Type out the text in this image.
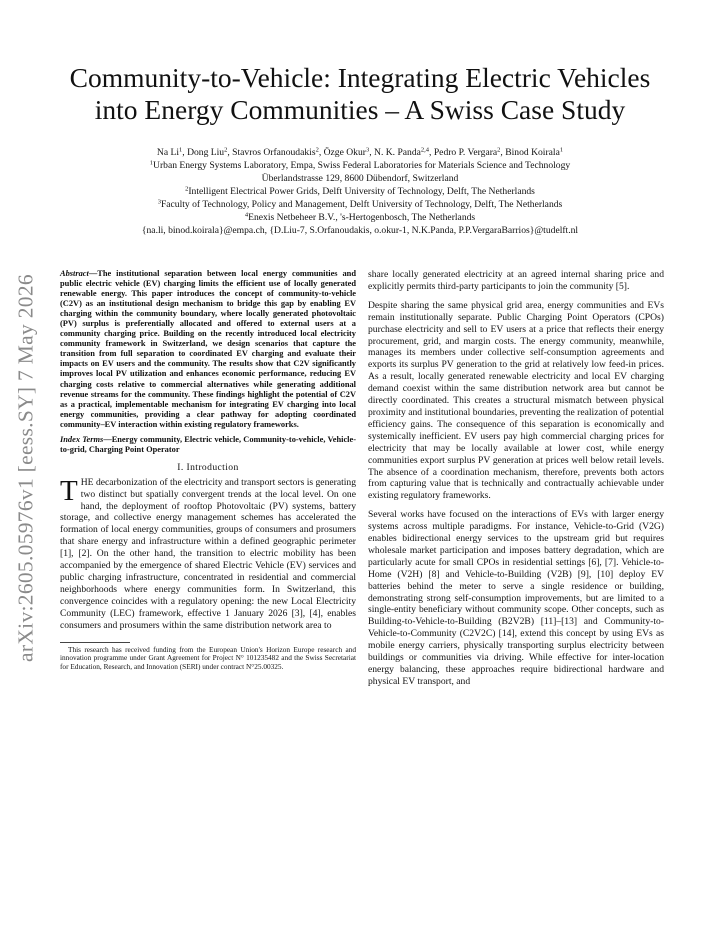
arXiv:2605.05976v1 [eess.SY] 7 May 2026
Community-to-Vehicle: Integrating Electric Vehicles
into Energy Communities – A Swiss Case Study
Na Li$^1$, Dong Liu$^2$, Stavros Orfanoudakis$^2$, Özge Okur$^3$, N. K. Panda$^{2,4}$, Pedro P. Vergara$^2$, Binod Koirala$^1$
$^1$Urban Energy Systems Laboratory, Empa, Swiss Federal Laboratories for Materials Science and Technology
Überlandstrasse 129, 8600 Dübendorf, Switzerland
$^2$Intelligent Electrical Power Grids, Delft University of Technology, Delft, The Netherlands
$^3$Faculty of Technology, Policy and Management, Delft University of Technology, Delft, The Netherlands
$^4$Enexis Netbeheer B.V., 's-Hertogenbosch, The Netherlands
{na.li, binod.koirala}@empa.ch, {D.Liu-7, S.Orfanoudakis, o.okur-1, N.K.Panda, P.P.VergaraBarrios}@tudelft.nl
Abstract—The institutional separation between local energy communities and public electric vehicle (EV) charging limits the efficient use of locally generated renewable energy. This paper introduces the concept of community-to-vehicle (C2V) as an institutional design mechanism to bridge this gap by enabling EV charging within the community boundary, where locally generated photovoltaic (PV) surplus is preferentially allocated and offered to external users at a community charging price. Building on the recently introduced local electricity community framework in Switzerland, we design scenarios that capture the transition from full separation to coordinated EV charging and evaluate their impacts on EV users and the community. The results show that C2V significantly improves local PV utilization and enhances economic performance, reducing EV charging costs relative to commercial alternatives while generating additional revenue streams for the community. These findings highlight the potential of C2V as a practical, implementable mechanism for integrating EV charging into local energy communities, providing a clear pathway for adopting coordinated community–EV interaction within existing regulatory frameworks.
Index Terms—Energy community, Electric vehicle, Community-to-vehicle, Vehicle-to-grid, Charging Point Operator
I. Introduction

THE decarbonization of the electricity and transport sectors is generating two distinct but spatially convergent trends at the local level. On one hand, the deployment of rooftop Photovoltaic (PV) systems, battery storage, and collective energy management schemes has accelerated the formation of local energy communities, groups of consumers and prosumers that share energy and infrastructure within a defined geographic perimeter [1], [2]. On the other hand, the transition to electric mobility has been accompanied by the emergence of shared Electric Vehicle (EV) services and public charging infrastructure, concentrated in residential and commercial neighborhoods where energy communities form. In Switzerland, this convergence coincides with a regulatory opening: the new Local Electricity Community (LEC) framework, effective 1 January 2026 [3], [4], enables consumers and prosumers within the same distribution network area to

This research has received funding from the European Union's Horizon Europe research and innovation programme under Grant Agreement for Project N° 101235482 and the Swiss Secretariat for Education, Research, and Innovation (SERI) under contract N°25.00325.

share locally generated electricity at an agreed internal sharing price and explicitly permits third-party participants to join the community [5].

Despite sharing the same physical grid area, energy communities and EVs remain institutionally separate. Public Charging Point Operators (CPOs) purchase electricity and sell to EV users at a price that reflects their energy procurement, grid, and margin costs. The energy community, meanwhile, manages its members under collective self-consumption agreements and exports its surplus PV generation to the grid at relatively low feed-in prices. As a result, locally generated renewable electricity and local EV charging demand coexist within the same distribution network area but cannot be directly coordinated. This creates a structural mismatch between physical proximity and institutional boundaries, preventing the realization of potential efficiency gains. The consequence of this separation is economically and systemically inefficient. EV users pay high commercial charging prices for electricity that may be locally available at lower cost, while energy communities export surplus PV generation at prices well below retail levels. The absence of a coordination mechanism, therefore, prevents both actors from capturing value that is technically and contractually achievable under existing regulatory frameworks.

Several works have focused on the interactions of EVs with larger energy systems across multiple paradigms. For instance, Vehicle-to-Grid (V2G) enables bidirectional energy services to the upstream grid but requires wholesale market participation and imposes battery degradation, which are particularly acute for small CPOs in residential settings [6], [7]. Vehicle-to-Home (V2H) [8] and Vehicle-to-Building (V2B) [9], [10] deploy EV batteries behind the meter to serve a single residence or building, demonstrating strong self-consumption improvements, but are limited to a single-entity beneficiary without community scope. Other concepts, such as Building-to-Vehicle-to-Building (B2V2B) [11]–[13] and Community-to-Vehicle-to-Community (C2V2C) [14], extend this concept by using EVs as mobile energy carriers, physically transporting surplus electricity between buildings or communities via driving. While effective for inter-location energy balancing, these approaches require bidirectional hardware and physical EV transport, and
